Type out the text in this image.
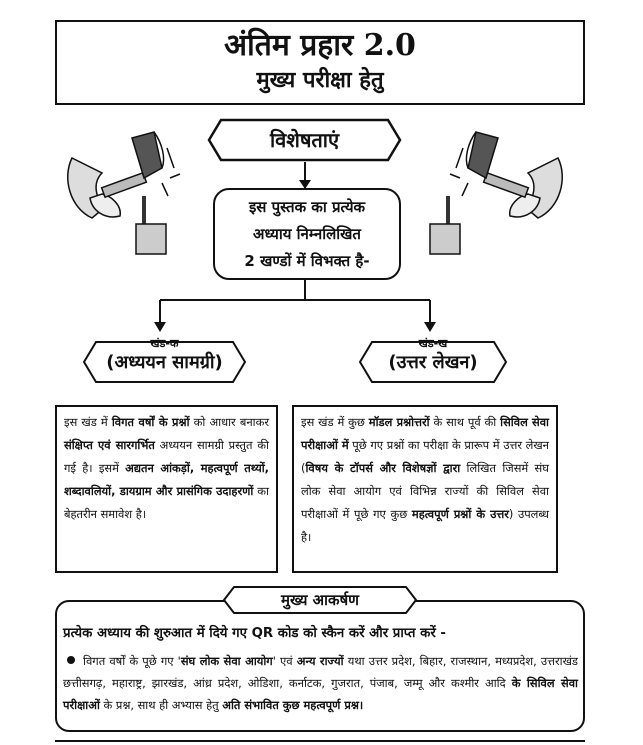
अंतिम प्रहार 2.0
मुख्य परीक्षा हेतु
विशेषताएं
इस पुस्तक का प्रत्येक
अध्याय निम्नलिखित
2 खण्डों में विभक्त है-
खंड-क
(अध्ययन सामग्री)
खंड-ख
(उत्तर लेखन)
इस खंड में विगत वर्षों के प्रश्नों को आधार बनाकर संक्षिप्त एवं सारगर्भित अध्ययन सामग्री प्रस्तुत की गई है। इसमें अद्यतन आंकड़ों, महत्वपूर्ण तथ्यों, शब्दावलियों, डायग्राम और प्रासंगिक उदाहरणों का बेहतरीन समावेश है।
इस खंड में कुछ मॉडल प्रश्नोत्तरों के साथ पूर्व की सिविल सेवा परीक्षाओं में पूछे गए प्रश्नों का परीक्षा के प्रारूप में उत्तर लेखन (विषय के टॉपर्स और विशेषज्ञों द्वारा लिखित जिसमें संघ लोक सेवा आयोग एवं विभिन्न राज्यों की सिविल सेवा परीक्षाओं में पूछे गए कुछ महत्वपूर्ण प्रश्नों के उत्तर) उपलब्ध है।
मुख्य आकर्षण
प्रत्येक अध्याय की शुरुआत में दिये गए QR कोड को स्कैन करें और प्राप्त करें -
विगत वर्षों के पूछे गए 'संघ लोक सेवा आयोग' एवं अन्य राज्यों यथा उत्तर प्रदेश, बिहार, राजस्थान, मध्यप्रदेश, उत्तराखंड छत्तीसगढ़, महाराष्ट्र, झारखंड, आंध्र प्रदेश, ओडिशा, कर्नाटक, गुजरात, पंजाब, जम्मू और कश्मीर आदि के सिविल सेवा परीक्षाओं के प्रश्न, साथ ही अभ्यास हेतु अति संभावित कुछ महत्वपूर्ण प्रश्न।
